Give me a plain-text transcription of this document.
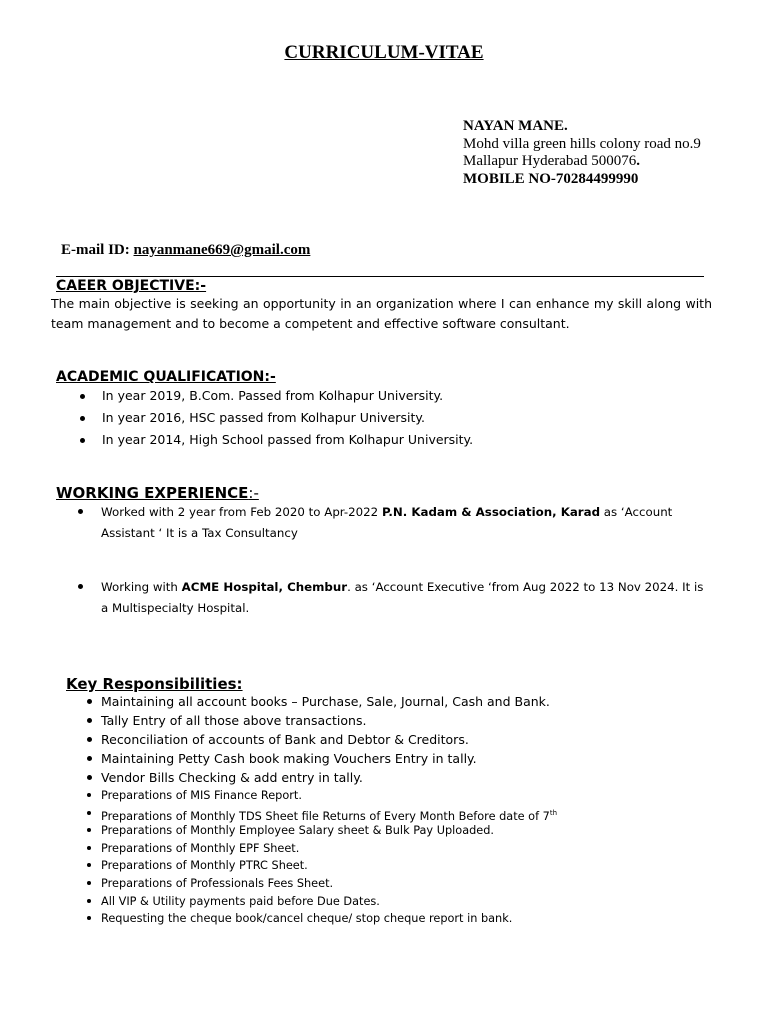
CURRICULUM-VITAE
NAYAN MANE.
Mohd villa green hills colony road no.9
Mallapur Hyderabad 500076.
MOBILE NO-70284499990
E-mail ID: nayanmane669@gmail.com
CAEER OBJECTIVE:-

The main objective is seeking an opportunity in an organization where I can enhance my skill along with team management and to become a competent and effective software consultant.

ACADEMIC QUALIFICATION:-
In year 2019, B.Com. Passed from Kolhapur University.
In year 2016, HSC passed from Kolhapur University.
In year 2014, High School passed from Kolhapur University.
WORKING EXPERIENCE:-
Worked with 2 year from Feb 2020 to Apr-2022 P.N. Kadam & Association, Karad as ‘Account Assistant ‘ It is a Tax Consultancy
Working with ACME Hospital, Chembur. as ‘Account Executive ‘from Aug 2022 to 13 Nov 2024. It is a Multispecialty Hospital.
Key Responsibilities:
Maintaining all account books – Purchase, Sale, Journal, Cash and Bank.
Tally Entry of all those above transactions.
Reconciliation of accounts of Bank and Debtor & Creditors.
Maintaining Petty Cash book making Vouchers Entry in tally.
Vendor Bills Checking & add entry in tally.
Preparations of MIS Finance Report.
Preparations of Monthly TDS Sheet file Returns of Every Month Before date of 7th
Preparations of Monthly Employee Salary sheet & Bulk Pay Uploaded.
Preparations of Monthly EPF Sheet.
Preparations of Monthly PTRC Sheet.
Preparations of Professionals Fees Sheet.
All VIP & Utility payments paid before Due Dates.
Requesting the cheque book/cancel cheque/ stop cheque report in bank.
